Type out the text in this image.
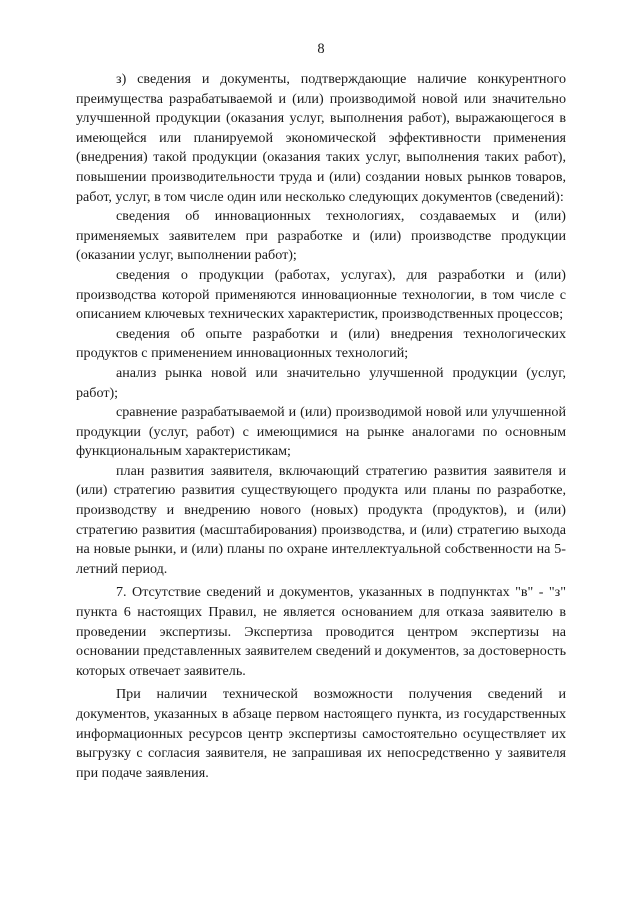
8

з) сведения и документы, подтверждающие наличие конкурентного преимущества разрабатываемой и (или) производимой новой или значительно улучшенной продукции (оказания услуг, выполнения работ), выражающегося в имеющейся или планируемой экономической эффективности применения (внедрения) такой продукции (оказания таких услуг, выполнения таких работ), повышении производительности труда и (или) создании новых рынков товаров, работ, услуг, в том числе один или несколько следующих документов (сведений):

сведения об инновационных технологиях, создаваемых и (или) применяемых заявителем при разработке и (или) производстве продукции (оказании услуг, выполнении работ);

сведения о продукции (работах, услугах), для разработки и (или) производства которой применяются инновационные технологии, в том числе с описанием ключевых технических характеристик, производственных процессов;

сведения об опыте разработки и (или) внедрения технологических продуктов с применением инновационных технологий;

анализ рынка новой или значительно улучшенной продукции (услуг, работ);

сравнение разрабатываемой и (или) производимой новой или улучшенной продукции (услуг, работ) с имеющимися на рынке аналогами по основным функциональным характеристикам;

план развития заявителя, включающий стратегию развития заявителя и (или) стратегию развития существующего продукта или планы по разработке, производству и внедрению нового (новых) продукта (продуктов), и (или) стратегию развития (масштабирования) производства, и (или) стратегию выхода на новые рынки, и (или) планы по охране интеллектуальной собственности на 5-летний период.

7. Отсутствие сведений и документов, указанных в подпунктах "в" - "з" пункта 6 настоящих Правил, не является основанием для отказа заявителю в проведении экспертизы. Экспертиза проводится центром экспертизы на основании представленных заявителем сведений и документов, за достоверность которых отвечает заявитель.

При наличии технической возможности получения сведений и документов, указанных в абзаце первом настоящего пункта, из государственных информационных ресурсов центр экспертизы самостоятельно осуществляет их выгрузку с согласия заявителя, не запрашивая их непосредственно у заявителя при подаче заявления.
